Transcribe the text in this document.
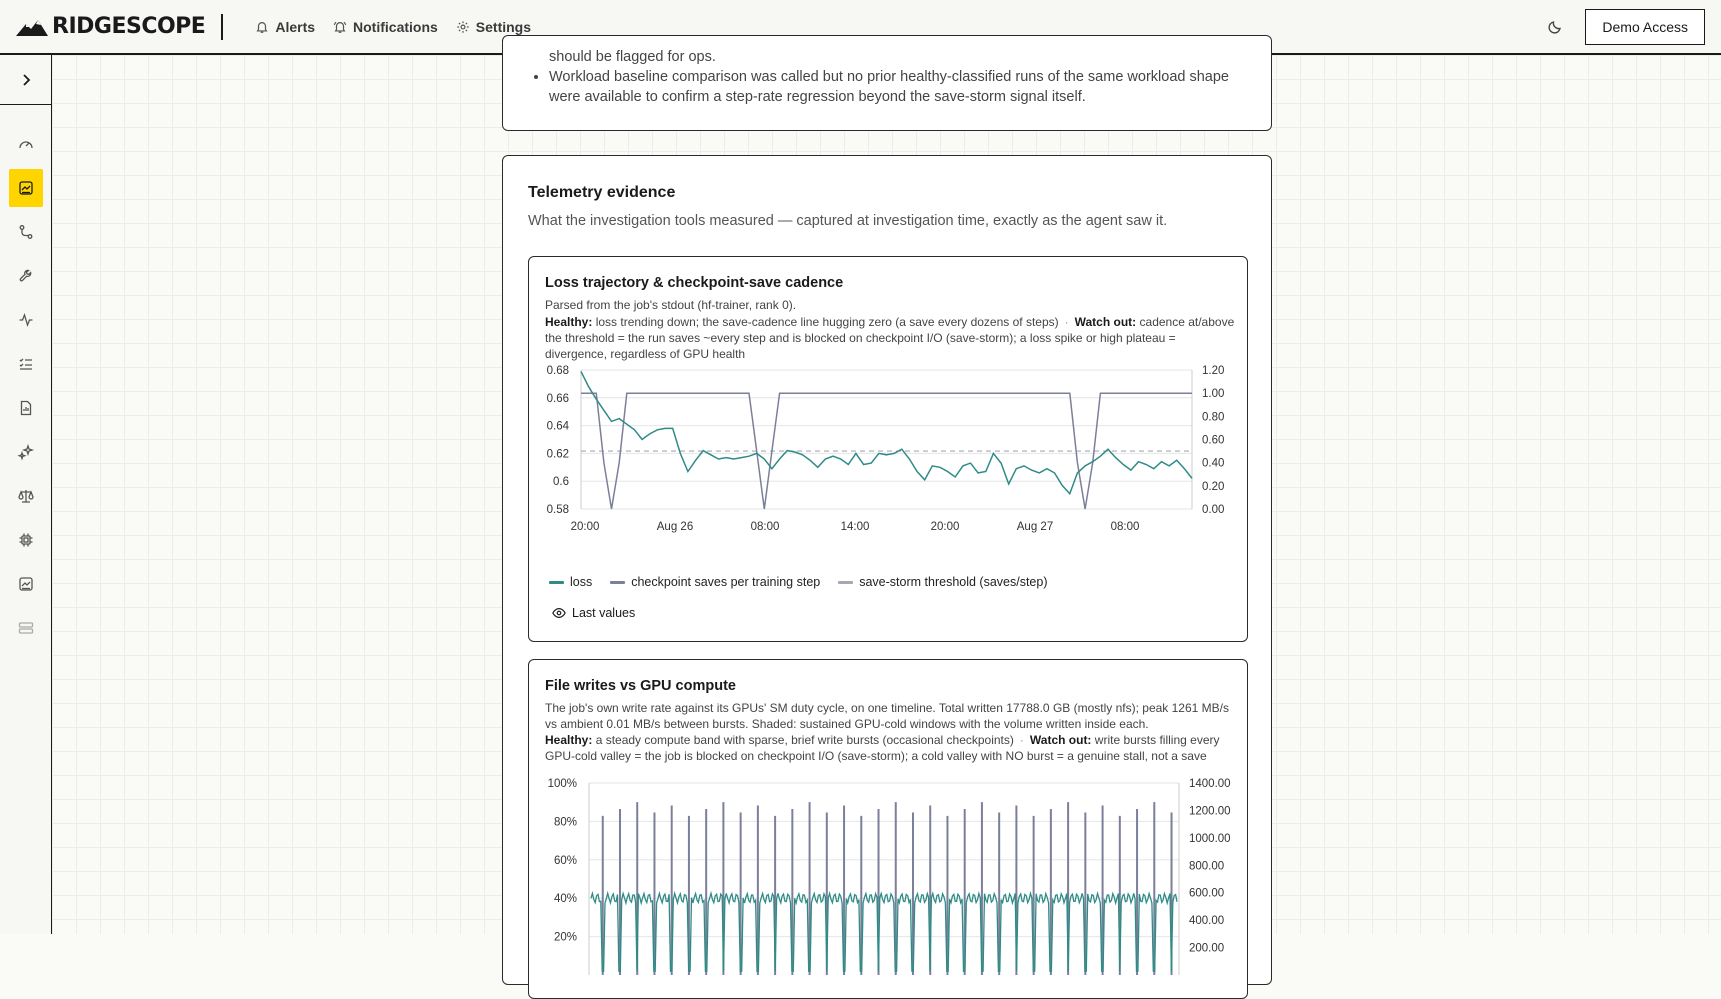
RIDGESCOPE	Alerts	Notifications	Settings	Demo Access
should be flagged for ops.
• Workload baseline comparison was called but no prior healthy-classified runs of the same workload shape were available to confirm a step-rate regression beyond the save-storm signal itself.
Telemetry evidence
What the investigation tools measured — captured at investigation time, exactly as the agent saw it.
Loss trajectory & checkpoint-save cadence
Parsed from the job's stdout (hf-trainer, rank 0).
Healthy: loss trending down; the save-cadence line hugging zero (a save every dozens of steps) · Watch out: cadence at/above the threshold = the run saves ~every step and is blocked on checkpoint I/O (save-storm); a loss spike or high plateau = divergence, regardless of GPU health
0.58
0.6
0.62
0.64
0.66
0.68
0.00
0.20
0.40
0.60
0.80
1.00
1.20
20:00	Aug 26	08:00	14:00	20:00	Aug 27	08:00
loss	checkpoint saves per training step	save-storm threshold (saves/step)
Last values
File writes vs GPU compute
The job's own write rate against its GPUs' SM duty cycle, on one timeline. Total written 17788.0 GB (mostly nfs); peak 1261 MB/s vs ambient 0.01 MB/s between bursts. Shaded: sustained GPU-cold windows with the volume written inside each.
Healthy: a steady compute band with sparse, brief write bursts (occasional checkpoints) · Watch out: write bursts filling every GPU-cold valley = the job is blocked on checkpoint I/O (save-storm); a cold valley with NO burst = a genuine stall, not a save
20%
40%
60%
80%
100%
200.00
400.00
600.00
800.00
1000.00
1200.00
1400.00
